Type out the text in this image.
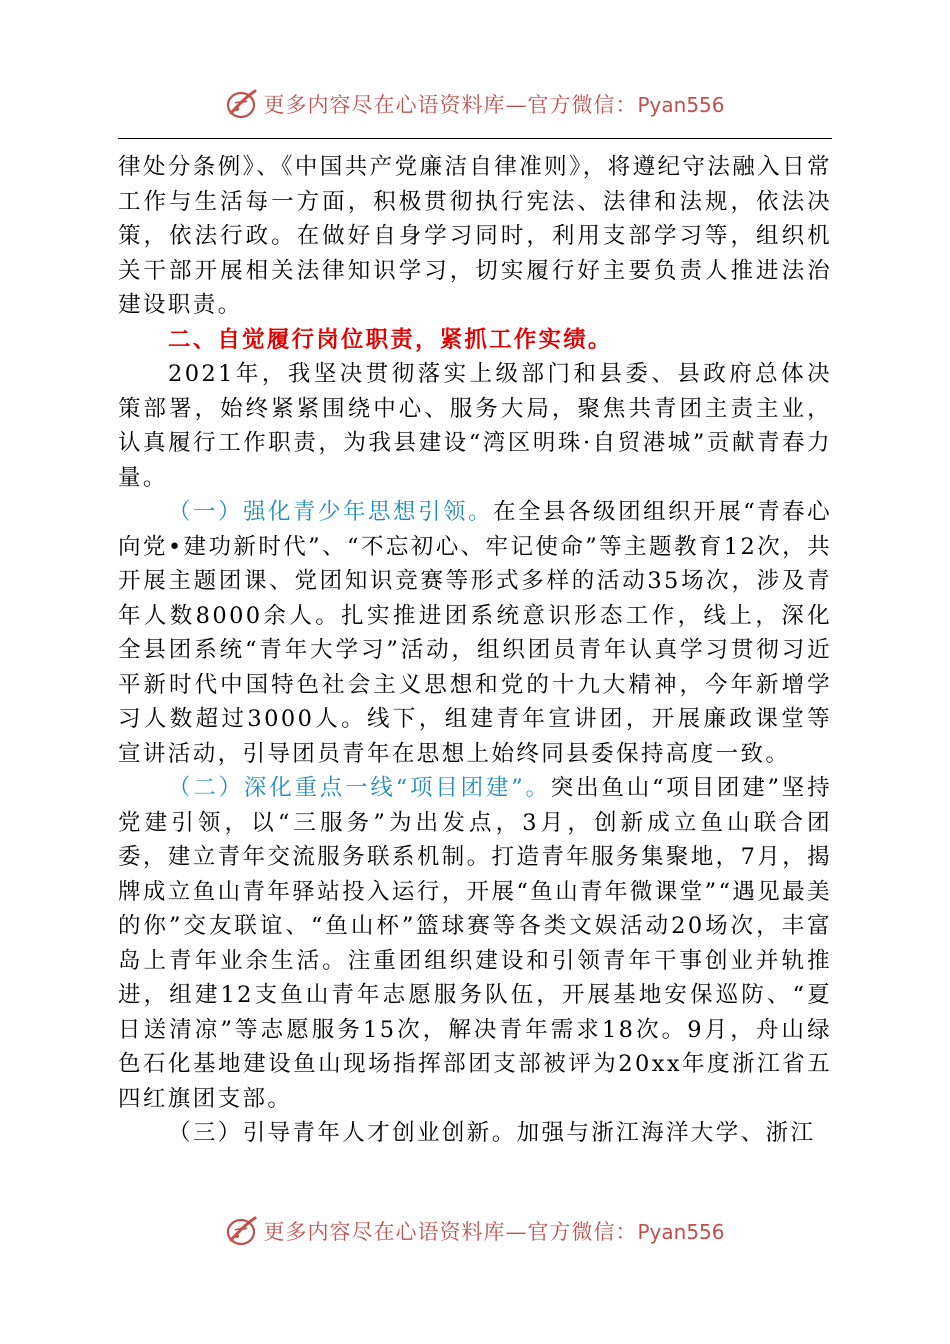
更多内容尽在心语资料库—官方微信：Pyan556

律处分条例》、《中国共产党廉洁自律准则》，将遵纪守法融入日常工作与生活每一方面，积极贯彻执行宪法、法律和法规，依法决策，依法行政。在做好自身学习同时，利用支部学习等，组织机关干部开展相关法律知识学习，切实履行好主要负责人推进法治建设职责。

二、自觉履行岗位职责，紧抓工作实绩。

2021年，我坚决贯彻落实上级部门和县委、县政府总体决策部署，始终紧紧围绕中心、服务大局，聚焦共青团主责主业，认真履行工作职责，为我县建设“湾区明珠·自贸港城”贡献青春力量。

（一）强化青少年思想引领。在全县各级团组织开展“青春心向党•建功新时代”、“不忘初心、牢记使命”等主题教育12次，共开展主题团课、党团知识竞赛等形式多样的活动35场次，涉及青年人数8000余人。扎实推进团系统意识形态工作，线上，深化全县团系统“青年大学习”活动，组织团员青年认真学习贯彻习近平新时代中国特色社会主义思想和党的十九大精神，今年新增学习人数超过3000人。线下，组建青年宣讲团，开展廉政课堂等宣讲活动，引导团员青年在思想上始终同县委保持高度一致。

（二）深化重点一线“项目团建”。突出鱼山“项目团建”坚持党建引领，以“三服务”为出发点，3月，创新成立鱼山联合团委，建立青年交流服务联系机制。打造青年服务集聚地，7月，揭牌成立鱼山青年驿站投入运行，开展“鱼山青年微课堂”“遇见最美的你”交友联谊、“鱼山杯”篮球赛等各类文娱活动20场次，丰富岛上青年业余生活。注重团组织建设和引领青年干事创业并轨推进，组建12支鱼山青年志愿服务队伍，开展基地安保巡防、“夏日送清凉”等志愿服务15次，解决青年需求18次。9月，舟山绿色石化基地建设鱼山现场指挥部团支部被评为20xx年度浙江省五四红旗团支部。

（三）引导青年人才创业创新。加强与浙江海洋大学、浙江

更多内容尽在心语资料库—官方微信：Pyan556
